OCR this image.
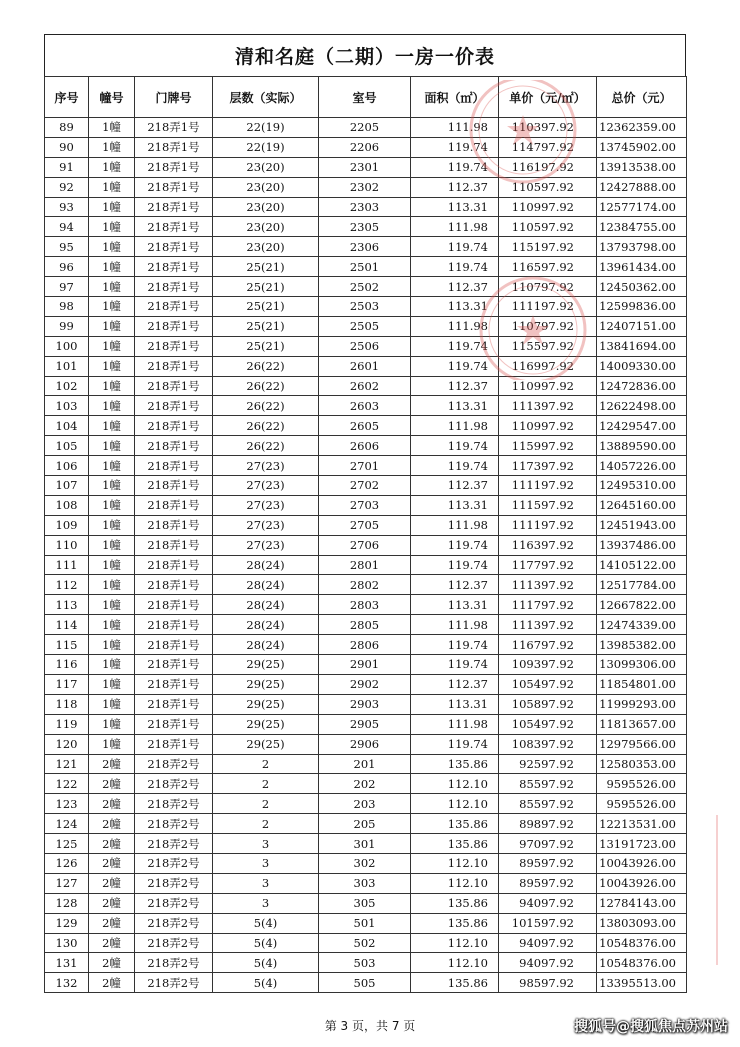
清和名庭（二期）一房一价表
序号	幢号	门牌号	层数（实际）	室号	面积（㎡）	单价（元/㎡）	总价（元）
89	1幢	218弄1号	22(19)	2205	111.98	110397.92	12362359.00
90	1幢	218弄1号	22(19)	2206	119.74	114797.92	13745902.00
91	1幢	218弄1号	23(20)	2301	119.74	116197.92	13913538.00
92	1幢	218弄1号	23(20)	2302	112.37	110597.92	12427888.00
93	1幢	218弄1号	23(20)	2303	113.31	110997.92	12577174.00
94	1幢	218弄1号	23(20)	2305	111.98	110597.92	12384755.00
95	1幢	218弄1号	23(20)	2306	119.74	115197.92	13793798.00
96	1幢	218弄1号	25(21)	2501	119.74	116597.92	13961434.00
97	1幢	218弄1号	25(21)	2502	112.37	110797.92	12450362.00
98	1幢	218弄1号	25(21)	2503	113.31	111197.92	12599836.00
99	1幢	218弄1号	25(21)	2505	111.98	110797.92	12407151.00
100	1幢	218弄1号	25(21)	2506	119.74	115597.92	13841694.00
101	1幢	218弄1号	26(22)	2601	119.74	116997.92	14009330.00
102	1幢	218弄1号	26(22)	2602	112.37	110997.92	12472836.00
103	1幢	218弄1号	26(22)	2603	113.31	111397.92	12622498.00
104	1幢	218弄1号	26(22)	2605	111.98	110997.92	12429547.00
105	1幢	218弄1号	26(22)	2606	119.74	115997.92	13889590.00
106	1幢	218弄1号	27(23)	2701	119.74	117397.92	14057226.00
107	1幢	218弄1号	27(23)	2702	112.37	111197.92	12495310.00
108	1幢	218弄1号	27(23)	2703	113.31	111597.92	12645160.00
109	1幢	218弄1号	27(23)	2705	111.98	111197.92	12451943.00
110	1幢	218弄1号	27(23)	2706	119.74	116397.92	13937486.00
111	1幢	218弄1号	28(24)	2801	119.74	117797.92	14105122.00
112	1幢	218弄1号	28(24)	2802	112.37	111397.92	12517784.00
113	1幢	218弄1号	28(24)	2803	113.31	111797.92	12667822.00
114	1幢	218弄1号	28(24)	2805	111.98	111397.92	12474339.00
115	1幢	218弄1号	28(24)	2806	119.74	116797.92	13985382.00
116	1幢	218弄1号	29(25)	2901	119.74	109397.92	13099306.00
117	1幢	218弄1号	29(25)	2902	112.37	105497.92	11854801.00
118	1幢	218弄1号	29(25)	2903	113.31	105897.92	11999293.00
119	1幢	218弄1号	29(25)	2905	111.98	105497.92	11813657.00
120	1幢	218弄1号	29(25)	2906	119.74	108397.92	12979566.00
121	2幢	218弄2号	2	201	135.86	92597.92	12580353.00
122	2幢	218弄2号	2	202	112.10	85597.92	9595526.00
123	2幢	218弄2号	2	203	112.10	85597.92	9595526.00
124	2幢	218弄2号	2	205	135.86	89897.92	12213531.00
125	2幢	218弄2号	3	301	135.86	97097.92	13191723.00
126	2幢	218弄2号	3	302	112.10	89597.92	10043926.00
127	2幢	218弄2号	3	303	112.10	89597.92	10043926.00
128	2幢	218弄2号	3	305	135.86	94097.92	12784143.00
129	2幢	218弄2号	5(4)	501	135.86	101597.92	13803093.00
130	2幢	218弄2号	5(4)	502	112.10	94097.92	10548376.00
131	2幢	218弄2号	5(4)	503	112.10	94097.92	10548376.00
132	2幢	218弄2号	5(4)	505	135.86	98597.92	13395513.00
第 3 页，共 7 页	搜狐号@搜狐焦点苏州站
